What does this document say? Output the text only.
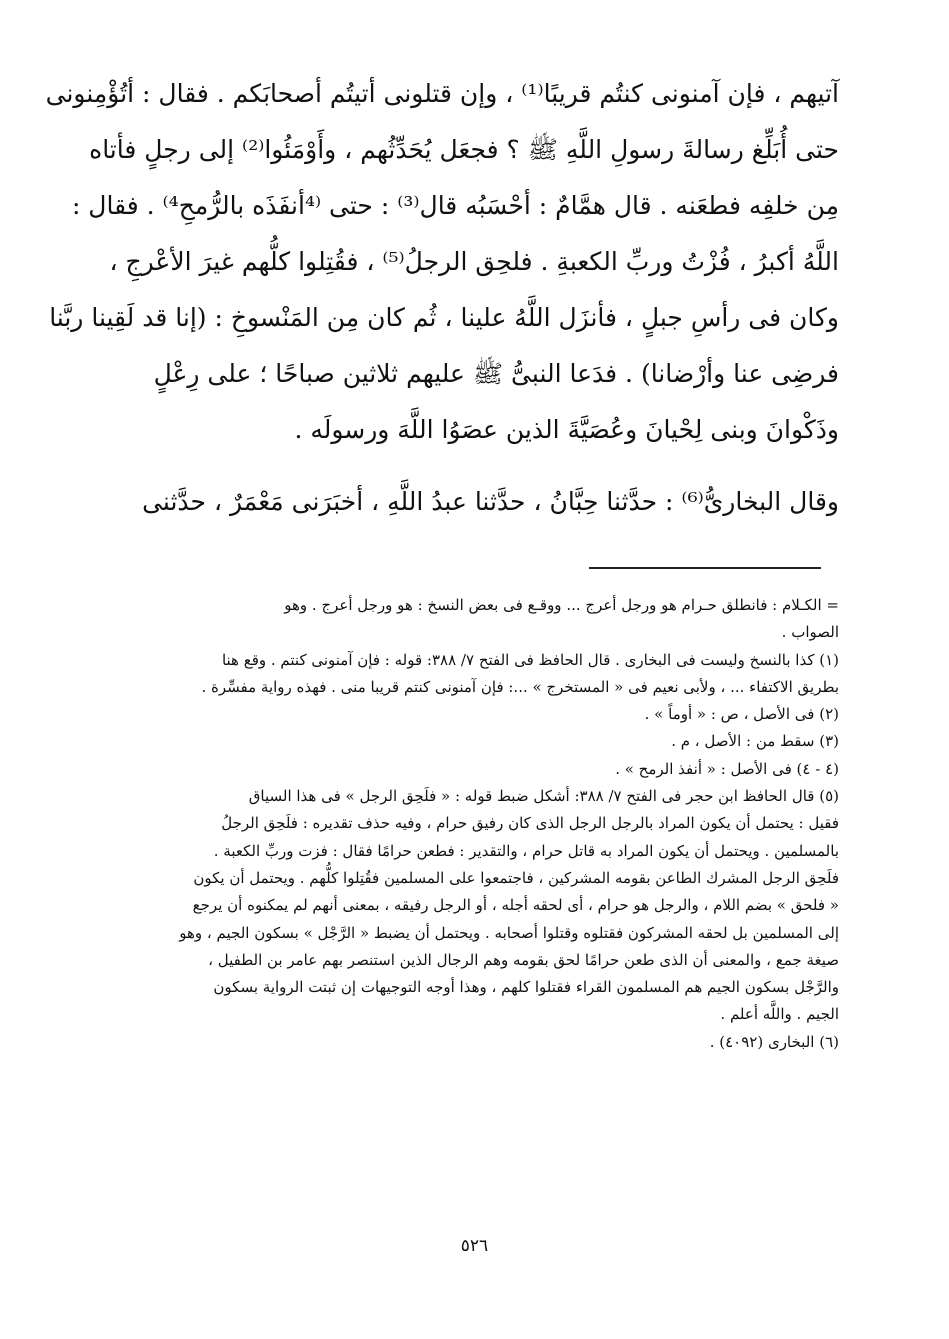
آتيهم ، فإن آمنونى كنتُم قريبًا⁽¹⁾ ، وإن قتلونى أتيتُم أصحابَكم . فقال : أتُؤْمِنونى
حتى أُبَلِّغ رسالةَ رسولِ اللَّهِ ﷺ ؟ فجعَل يُحَدِّثُهم ، وأَوْمَئُوا⁽²⁾ إلى رجلٍ فأتاه
مِن خلفِه فطعَنه . قال همَّامٌ : أحْسَبُه قال⁽³⁾ : حتى ⁽⁴أنفَذَه بالرُّمحِ⁴⁾ . فقال :
اللَّهُ أكبرُ ، فُزْتُ وربِّ الكعبةِ . فلحِق الرجلُ⁽⁵⁾ ، فقُتِلوا كلُّهم غيرَ الأعْرجِ ،
وكان فى رأسِ جبلٍ ، فأنزَل اللَّهُ علينا ، ثُم كان مِن المَنْسوخِ : (إنا قد لَقِينا ربَّنا
فرضِى عنا وأرْضانا) . فدَعا النبىُّ ﷺ عليهم ثلاثين صباحًا ؛ على رِعْلٍ
وذَكْوانَ وبنى لِحْيانَ وعُصَيَّةَ الذين عصَوُا اللَّهَ ورسولَه .
وقال البخارىُّ⁽⁶⁾ : حدَّثنا حِبَّانُ ، حدَّثنا عبدُ اللَّهِ ، أخبَرَنى مَعْمَرٌ ، حدَّثنى
= الكـلام : فانطلق حـرام هو ورجل أعرج ... ووقـع فى بعض النسخ : هو ورجل أعرج . وهو
الصواب .
(١) كذا بالنسخ وليست فى البخارى . قال الحافظ فى الفتح ٧/ ٣٨٨: قوله : فإن آمنونى كنتم . وقع هنا
بطريق الاكتفاء ... ، ولأبى نعيم فى « المستخرج » ...: فإن آمنونى كنتم قريبا منى . فهذه رواية مفسِّرة .
(٢) فى الأصل ، ص : « أوماً » .
(٣) سقط من : الأصل ، م .
(٤ - ٤) فى الأصل : « أنفذ الرمح » .
(٥) قال الحافظ ابن حجر فى الفتح ٧/ ٣٨٨: أشكل ضبط قوله : « فلَحِق الرجل » فى هذا السياق
فقيل : يحتمل أن يكون المراد بالرجل الرجل الذى كان رفيق حرام ، وفيه حذف تقديره : فلَحِق الرجلُ
بالمسلمين . ويحتمل أن يكون المراد به قاتل حرام ، والتقدير : فطعن حرامًا فقال : فزت وربِّ الكعبة .
فلَحِق الرجل المشرك الطاعن بقومه المشركين ، فاجتمعوا على المسلمين فقُتِلوا كلُّهم . ويحتمل أن يكون
« فلحق » بضم اللام ، والرجل هو حرام ، أى لحقه أجله ، أو الرجل رفيقه ، بمعنى أنهم لم يمكنوه أن يرجع
إلى المسلمين بل لحقه المشركون فقتلوه وقتلوا أصحابه . ويحتمل أن يضبط « الرَّجْل » بسكون الجيم ، وهو
صيغة جمع ، والمعنى أن الذى طعن حرامًا لحق بقومه وهم الرجال الذين استنصر بهم عامر بن الطفيل ،
والرَّجْل بسكون الجيم هم المسلمون القراء فقتلوا كلهم ، وهذا أوجه التوجيهات إن ثبتت الرواية بسكون
الجيم . واللَّه أعلم .
(٦) البخارى (٤٠٩٢) .
٥٢٦
